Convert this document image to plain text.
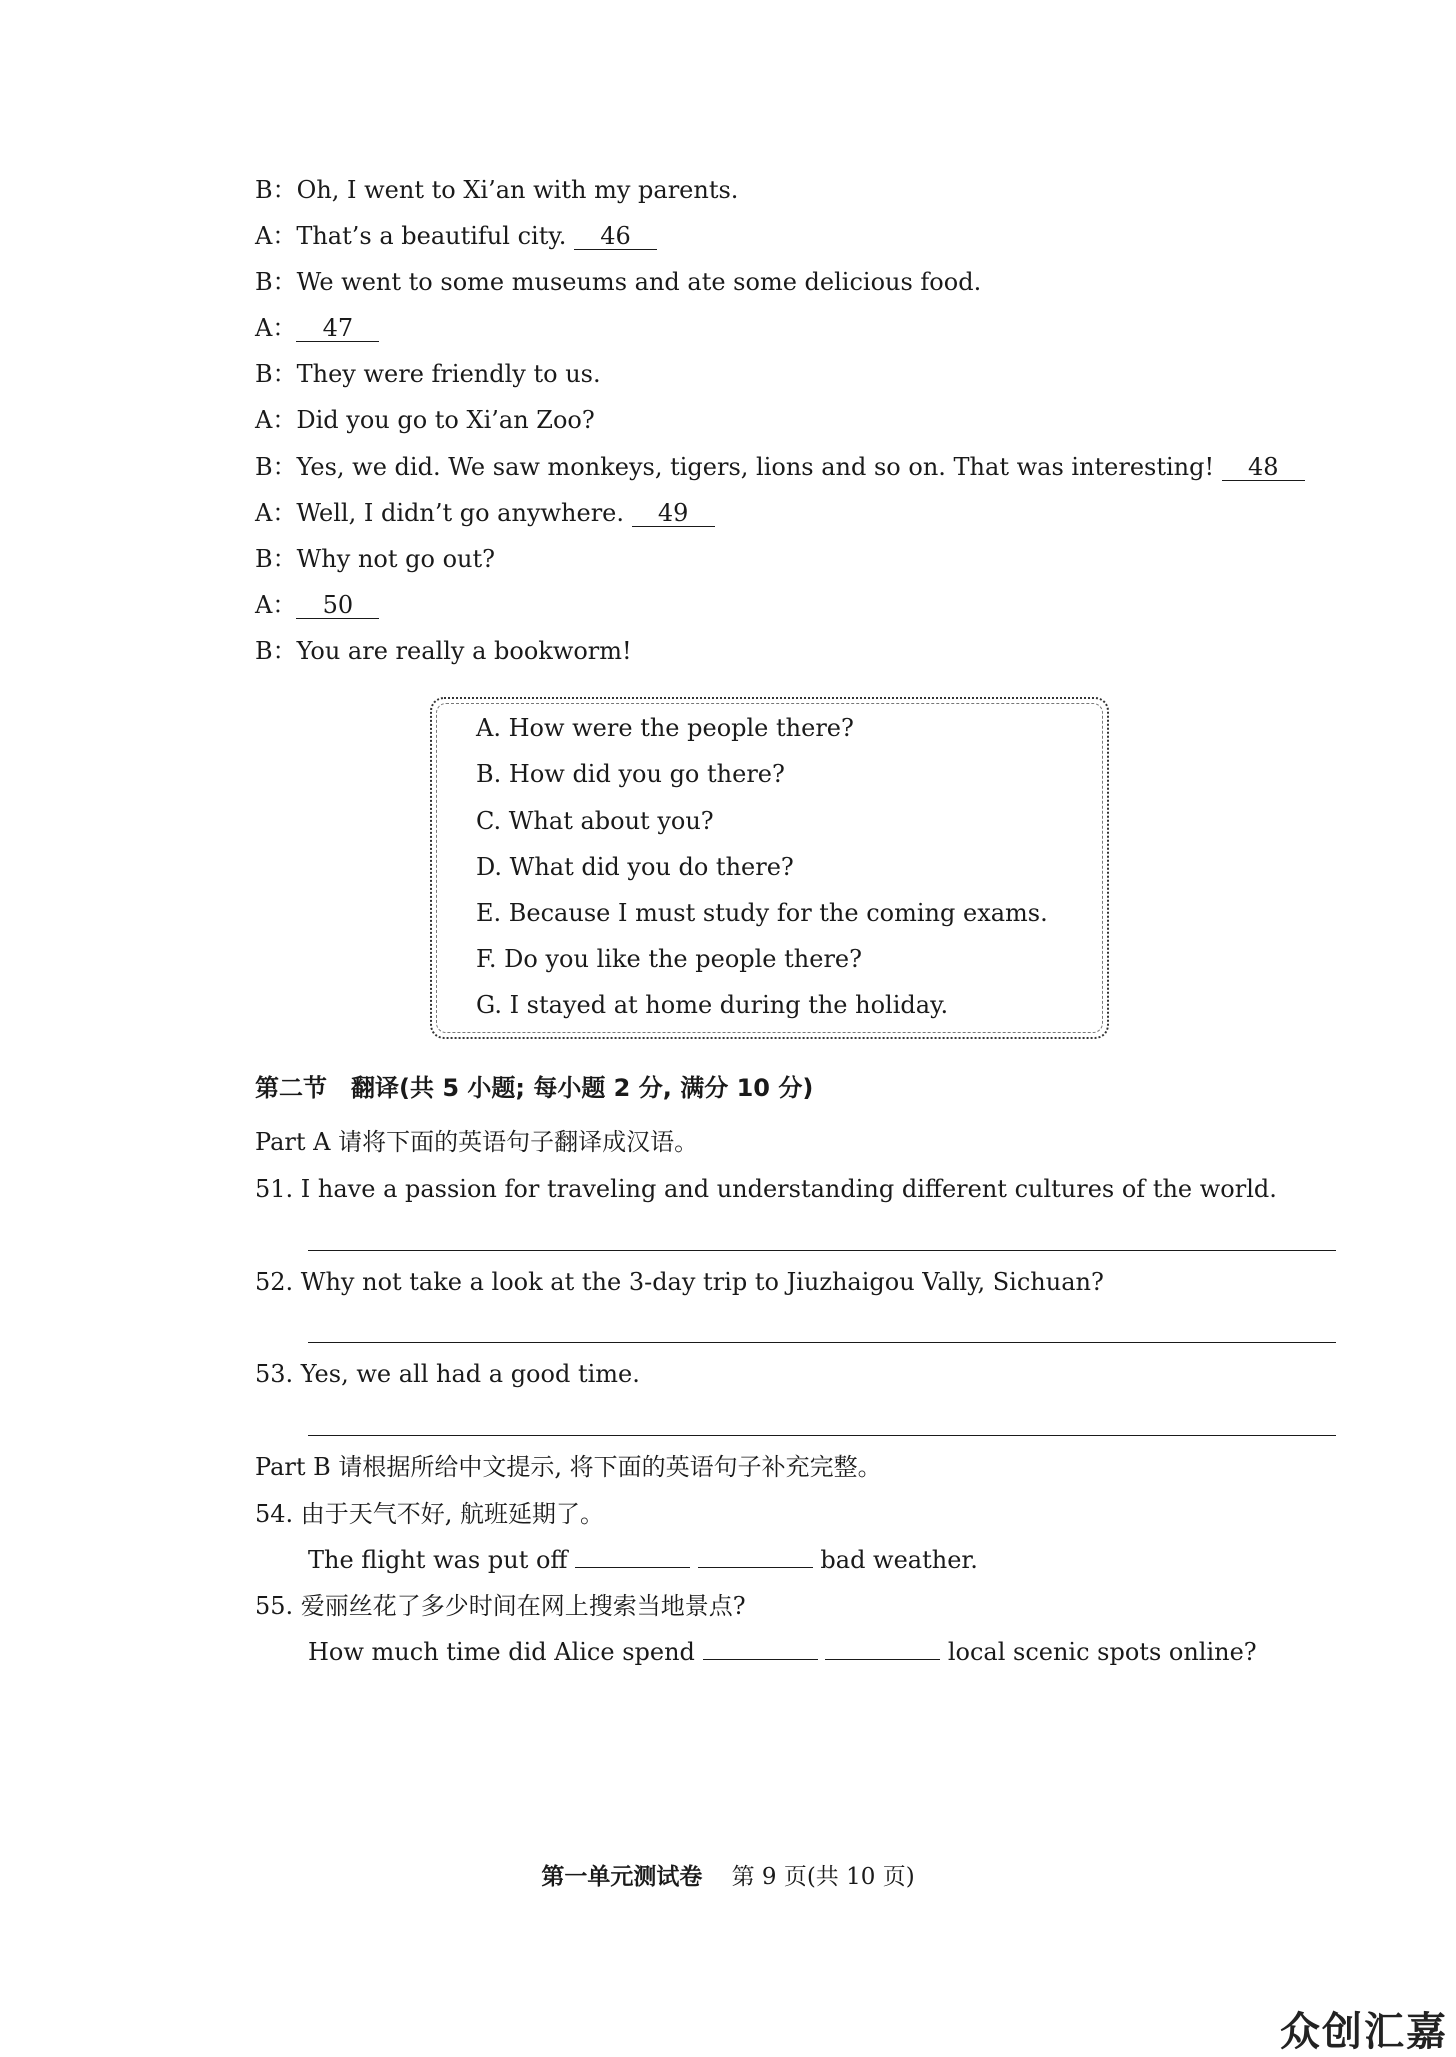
B：Oh, I went to Xi’an with my parents.
A：That’s a beautiful city. 46
B：We went to some museums and ate some delicious food.
A： 47
B：They were friendly to us.
A：Did you go to Xi’an Zoo?
B：Yes, we did. We saw monkeys, tigers, lions and so on. That was interesting! 48
A：Well, I didn’t go anywhere. 49
B：Why not go out?
A： 50
B：You are really a bookworm!
A. How were the people there?
B. How did you go there?
C. What about you?
D. What did you do there?
E. Because I must study for the coming exams.
F. Do you like the people there?
G. I stayed at home during the holiday.
第二节　翻译(共 5 小题; 每小题 2 分, 满分 10 分)
Part A 请将下面的英语句子翻译成汉语。
51. I have a passion for traveling and understanding different cultures of the world.
52. Why not take a look at the 3-day trip to Jiuzhaigou Vally, Sichuan?
53. Yes, we all had a good time.
Part B 请根据所给中文提示, 将下面的英语句子补充完整。
54. 由于天气不好, 航班延期了。
The flight was put off	bad weather.
55. 爱丽丝花了多少时间在网上搜索当地景点?
How much time did Alice spend	local scenic spots online?
第一单元测试卷 第 9 页(共 10 页)
众创汇嘉
